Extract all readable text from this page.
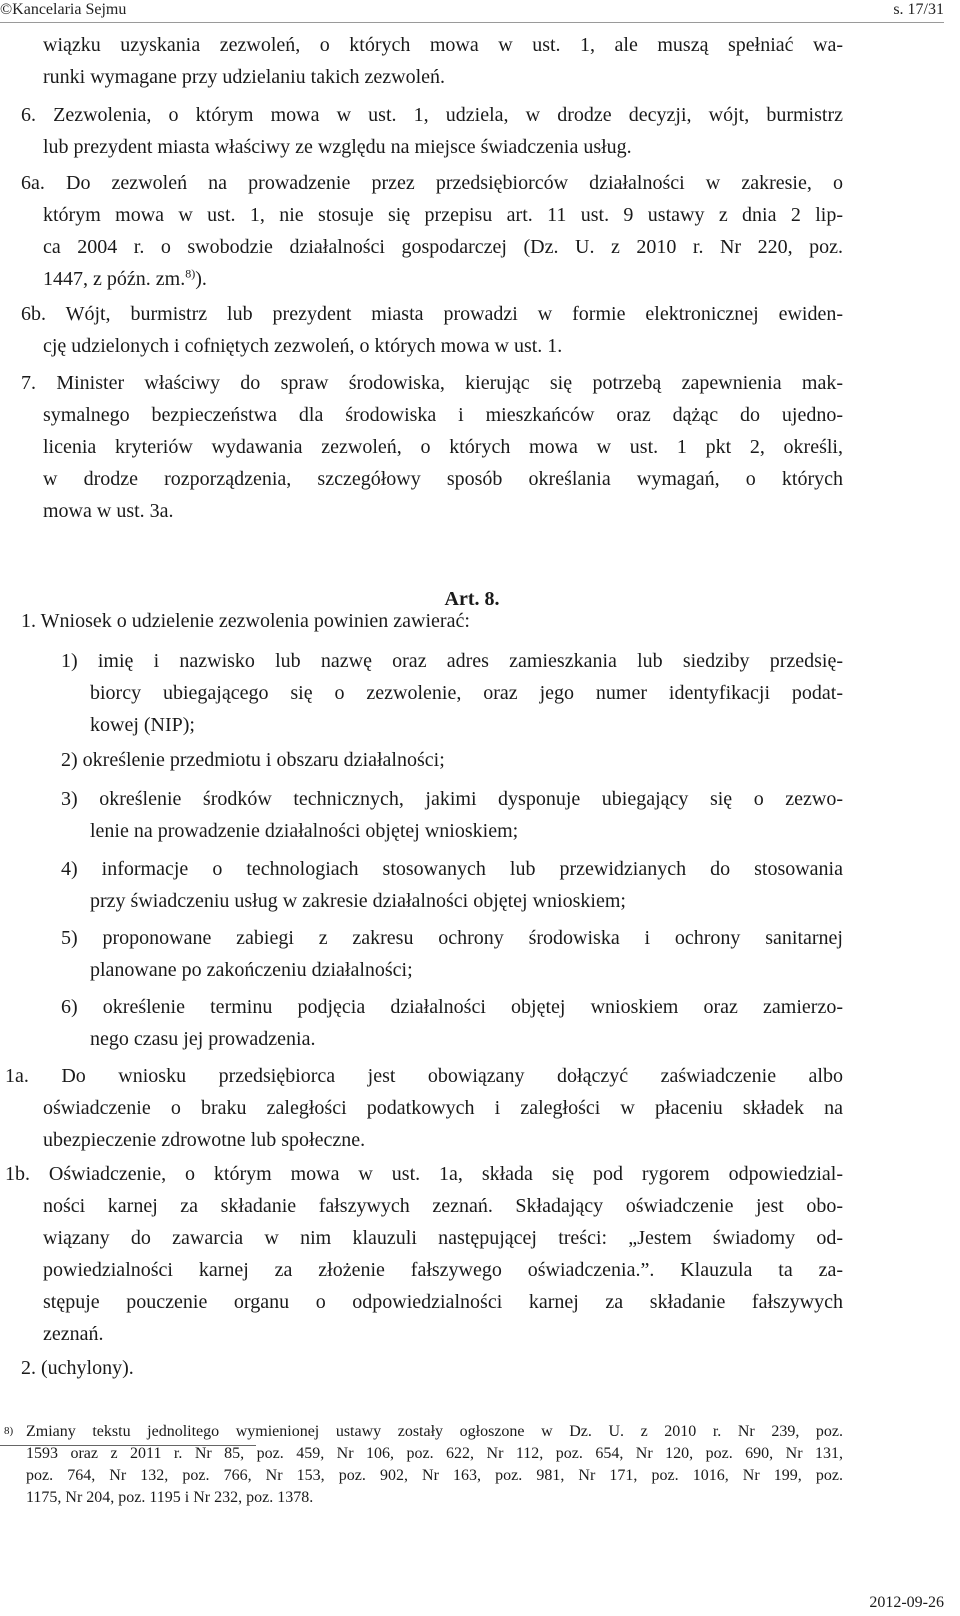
©Kancelaria Sejmu	s. 17/31
wiązku uzyskania zezwoleń, o których mowa w ust. 1, ale muszą spełniać wa-
runki wymagane przy udzielaniu takich zezwoleń.
6. Zezwolenia, o którym mowa w ust. 1, udziela, w drodze decyzji, wójt, burmistrz
lub prezydent miasta właściwy ze względu na miejsce świadczenia usług.
6a. Do zezwoleń na prowadzenie przez przedsiębiorców działalności w zakresie, o
którym mowa w ust. 1, nie stosuje się przepisu art. 11 ust. 9 ustawy z dnia 2 lip-
ca 2004 r. o swobodzie działalności gospodarczej (Dz. U. z 2010 r. Nr 220, poz.
1447, z późn. zm.$^{8)}$).
6b. Wójt, burmistrz lub prezydent miasta prowadzi w formie elektronicznej ewiden-
cję udzielonych i cofniętych zezwoleń, o których mowa w ust. 1.
7. Minister właściwy do spraw środowiska, kierując się potrzebą zapewnienia mak-
symalnego bezpieczeństwa dla środowiska i mieszkańców oraz dążąc do ujedno-
licenia kryteriów wydawania zezwoleń, o których mowa w ust. 1 pkt 2, określi,
w drodze rozporządzenia, szczegółowy sposób określania wymagań, o których
mowa w ust. 3a.
Art. 8.
1. Wniosek o udzielenie zezwolenia powinien zawierać:
1) imię i nazwisko lub nazwę oraz adres zamieszkania lub siedziby przedsię-
biorcy ubiegającego się o zezwolenie, oraz jego numer identyfikacji podat-
kowej (NIP);
2) określenie przedmiotu i obszaru działalności;
3) określenie środków technicznych, jakimi dysponuje ubiegający się o zezwo-
lenie na prowadzenie działalności objętej wnioskiem;
4) informacje o technologiach stosowanych lub przewidzianych do stosowania
przy świadczeniu usług w zakresie działalności objętej wnioskiem;
5) proponowane zabiegi z zakresu ochrony środowiska i ochrony sanitarnej
planowane po zakończeniu działalności;
6) określenie terminu podjęcia działalności objętej wnioskiem oraz zamierzo-
nego czasu jej prowadzenia.
1a. Do wniosku przedsiębiorca jest obowiązany dołączyć zaświadczenie albo
oświadczenie o braku zaległości podatkowych i zaległości w płaceniu składek na
ubezpieczenie zdrowotne lub społeczne.
1b. Oświadczenie, o którym mowa w ust. 1a, składa się pod rygorem odpowiedzial-
ności karnej za składanie fałszywych zeznań. Składający oświadczenie jest obo-
wiązany do zawarcia w nim klauzuli następującej treści: „Jestem świadomy od-
powiedzialności karnej za złożenie fałszywego oświadczenia.”. Klauzula ta za-
stępuje pouczenie organu o odpowiedzialności karnej za składanie fałszywych
zeznań.
2. (uchylony).
8) Zmiany tekstu jednolitego wymienionej ustawy zostały ogłoszone w Dz. U. z 2010 r. Nr 239, poz.
1593 oraz z 2011 r. Nr 85, poz. 459, Nr 106, poz. 622, Nr 112, poz. 654, Nr 120, poz. 690, Nr 131,
poz. 764, Nr 132, poz. 766, Nr 153, poz. 902, Nr 163, poz. 981, Nr 171, poz. 1016, Nr 199, poz.
1175, Nr 204, poz. 1195 i Nr 232, poz. 1378.
2012-09-26
